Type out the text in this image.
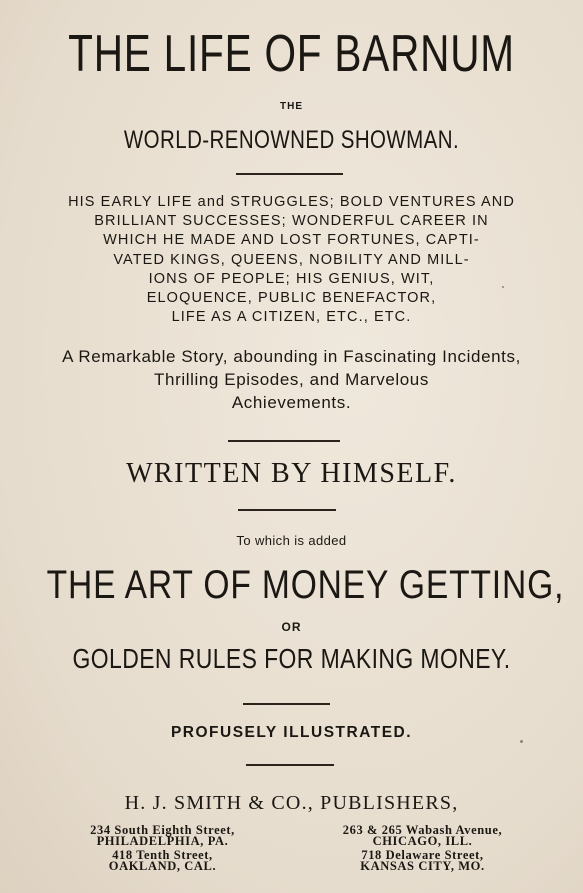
THE LIFE OF BARNUM
THE
WORLD-RENOWNED SHOWMAN.
HIS EARLY LIFE and STRUGGLES; BOLD VENTURES AND
BRILLIANT SUCCESSES; WONDERFUL CAREER IN
WHICH HE MADE AND LOST FORTUNES, CAPTI-
VATED KINGS, QUEENS, NOBILITY AND MILL-
IONS OF PEOPLE; HIS GENIUS, WIT,
ELOQUENCE, PUBLIC BENEFACTOR,
LIFE AS A CITIZEN, ETC., ETC.
A Remarkable Story, abounding in Fascinating Incidents,
Thrilling Episodes, and Marvelous
Achievements.
WRITTEN BY HIMSELF.
To which is added
THE ART OF MONEY GETTING,
OR
GOLDEN RULES FOR MAKING MONEY.
PROFUSELY ILLUSTRATED.
H. J. SMITH & CO., PUBLISHERS,
234 South Eighth Street,
PHILADELPHIA, PA.
418 Tenth Street,
OAKLAND, CAL.
263 & 265 Wabash Avenue,
CHICAGO, ILL.
718 Delaware Street,
KANSAS CITY, MO.
